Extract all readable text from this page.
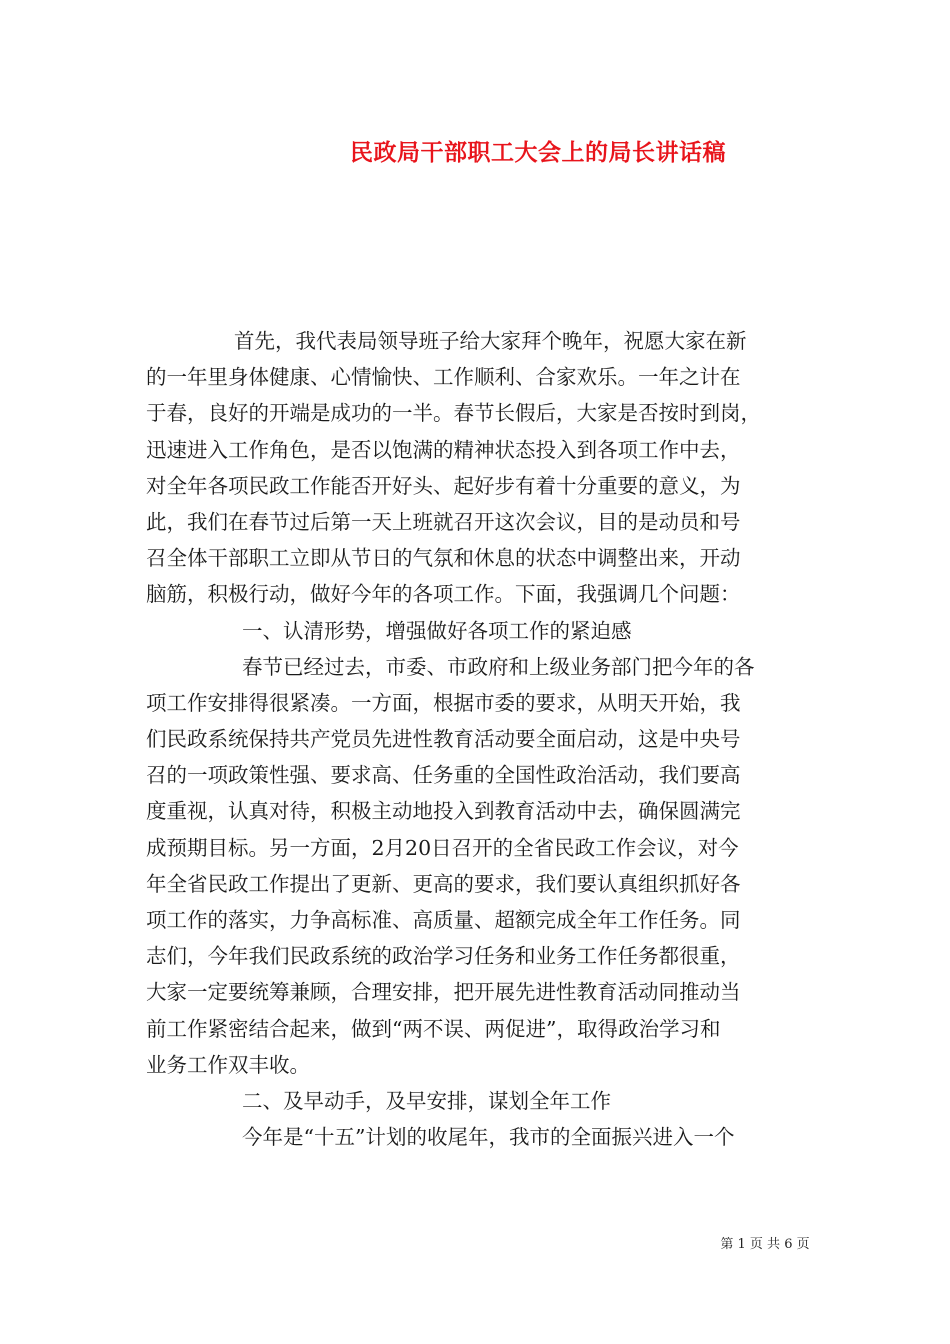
民政局干部职工大会上的局长讲话稿
首先，我代表局领导班子给大家拜个晚年，祝愿大家在新
的一年里身体健康、心情愉快、工作顺利、合家欢乐。一年之计在
于春，良好的开端是成功的一半。春节长假后，大家是否按时到岗，
迅速进入工作角色，是否以饱满的精神状态投入到各项工作中去，
对全年各项民政工作能否开好头、起好步有着十分重要的意义，为
此，我们在春节过后第一天上班就召开这次会议，目的是动员和号
召全体干部职工立即从节日的气氛和休息的状态中调整出来，开动
脑筋，积极行动，做好今年的各项工作。下面，我强调几个问题：
一、认清形势，增强做好各项工作的紧迫感
春节已经过去，市委、市政府和上级业务部门把今年的各
项工作安排得很紧凑。一方面，根据市委的要求，从明天开始，我
们民政系统保持共产党员先进性教育活动要全面启动，这是中央号
召的一项政策性强、要求高、任务重的全国性政治活动，我们要高
度重视，认真对待，积极主动地投入到教育活动中去，确保圆满完
成预期目标。另一方面，2月20日召开的全省民政工作会议，对今
年全省民政工作提出了更新、更高的要求，我们要认真组织抓好各
项工作的落实，力争高标准、高质量、超额完成全年工作任务。同
志们，今年我们民政系统的政治学习任务和业务工作任务都很重，
大家一定要统筹兼顾，合理安排，把开展先进性教育活动同推动当
前工作紧密结合起来，做到“两不误、两促进”，取得政治学习和
业务工作双丰收。
二、及早动手，及早安排，谋划全年工作
今年是“十五”计划的收尾年，我市的全面振兴进入一个
第 1 页 共 6 页
